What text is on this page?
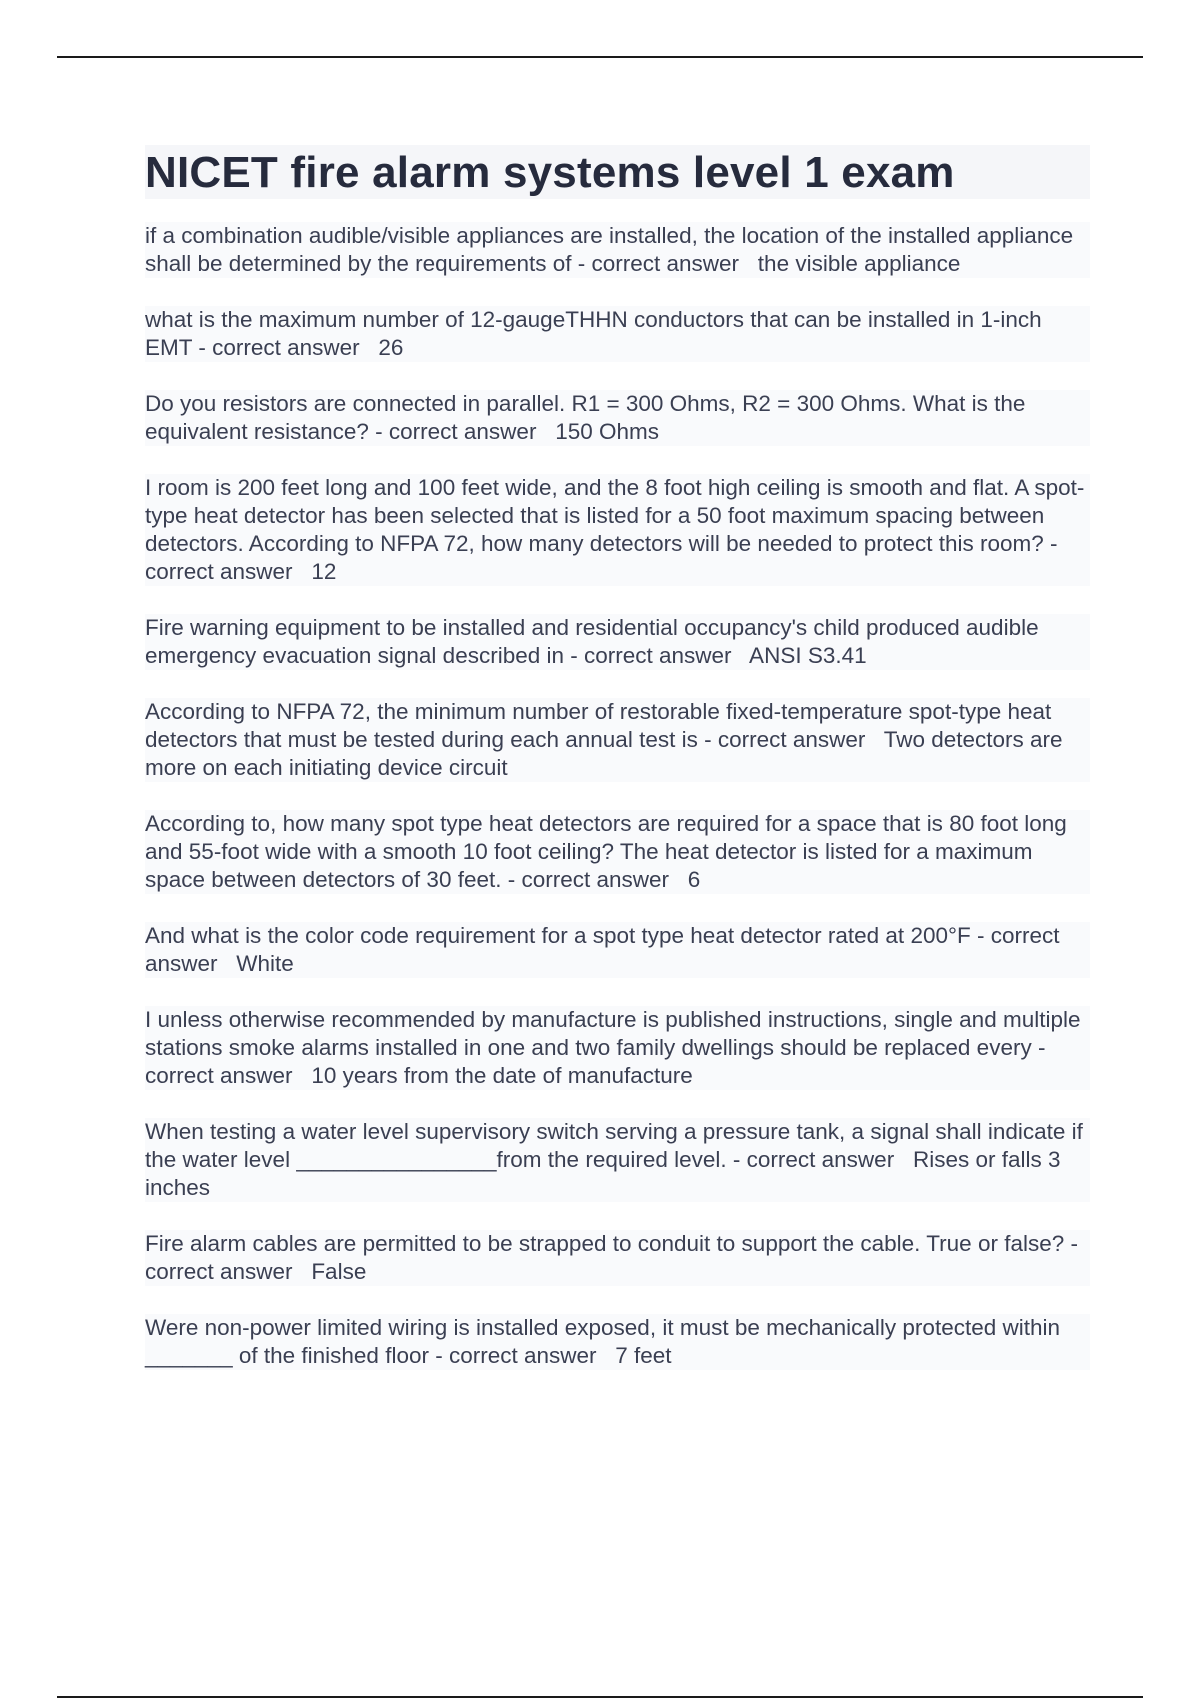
NICET fire alarm systems level 1 exam

if a combination audible/visible appliances are installed, the location of the installed appliance shall be determined by the requirements of - correct answer   the visible appliance

what is the maximum number of 12-gaugeTHHN conductors that can be installed in 1-inch EMT - correct answer   26

Do you resistors are connected in parallel. R1 = 300 Ohms, R2 = 300 Ohms. What is the equivalent resistance? - correct answer   150 Ohms

I room is 200 feet long and 100 feet wide, and the 8 foot high ceiling is smooth and flat. A spot-type heat detector has been selected that is listed for a 50 foot maximum spacing between detectors. According to NFPA 72, how many detectors will be needed to protect this room? - correct answer   12

Fire warning equipment to be installed and residential occupancy's child produced audible emergency evacuation signal described in - correct answer   ANSI S3.41

According to NFPA 72, the minimum number of restorable fixed-temperature spot-type heat detectors that must be tested during each annual test is - correct answer   Two detectors are more on each initiating device circuit

According to, how many spot type heat detectors are required for a space that is 80 foot long and 55-foot wide with a smooth 10 foot ceiling? The heat detector is listed for a maximum space between detectors of 30 feet. - correct answer   6

And what is the color code requirement for a spot type heat detector rated at 200°F - correct answer   White

I unless otherwise recommended by manufacture is published instructions, single and multiple stations smoke alarms installed in one and two family dwellings should be replaced every - correct answer   10 years from the date of manufacture

When testing a water level supervisory switch serving a pressure tank, a signal shall indicate if the water level ________________from the required level. - correct answer   Rises or falls 3 inches

Fire alarm cables are permitted to be strapped to conduit to support the cable. True or false? - correct answer   False

Were non-power limited wiring is installed exposed, it must be mechanically protected within _______ of the finished floor - correct answer   7 feet
